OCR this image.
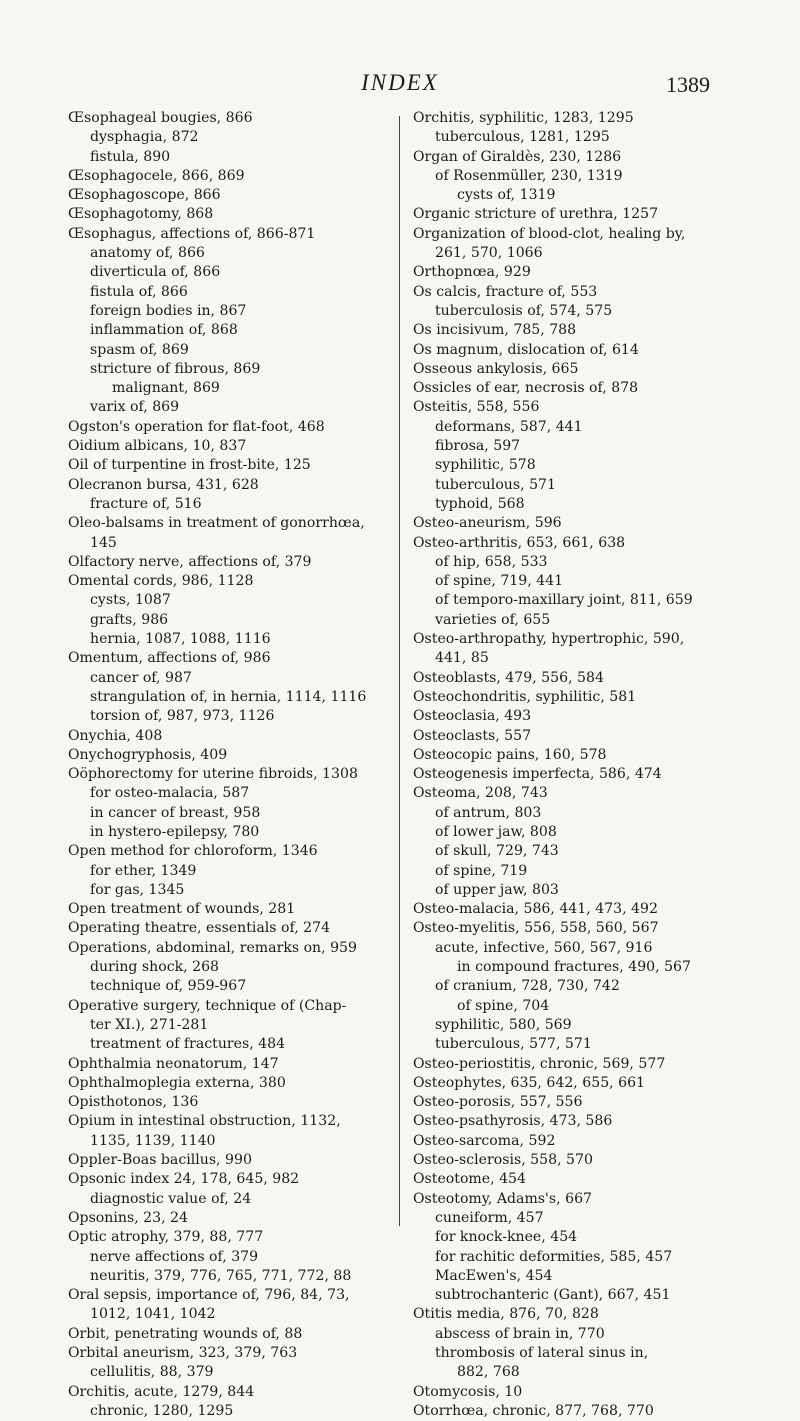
INDEX	1389
Œsophageal bougies, 866
dysphagia, 872
fistula, 890
Œsophagocele, 866, 869
Œsophagoscope, 866
Œsophagotomy, 868
Œsophagus, affections of, 866-871
anatomy of, 866
diverticula of, 866
fistula of, 866
foreign bodies in, 867
inflammation of, 868
spasm of, 869
stricture of fibrous, 869
malignant, 869
varix of, 869
Ogston's operation for flat-foot, 468
Oidium albicans, 10, 837
Oil of turpentine in frost-bite, 125
Olecranon bursa, 431, 628
fracture of, 516
Oleo-balsams in treatment of gonorrhœa,
145
Olfactory nerve, affections of, 379
Omental cords, 986, 1128
cysts, 1087
grafts, 986
hernia, 1087, 1088, 1116
Omentum, affections of, 986
cancer of, 987
strangulation of, in hernia, 1114, 1116
torsion of, 987, 973, 1126
Onychia, 408
Onychogryphosis, 409
Oöphorectomy for uterine fibroids, 1308
for osteo-malacia, 587
in cancer of breast, 958
in hystero-epilepsy, 780
Open method for chloroform, 1346
for ether, 1349
for gas, 1345
Open treatment of wounds, 281
Operating theatre, essentials of, 274
Operations, abdominal, remarks on, 959
during shock, 268
technique of, 959-967
Operative surgery, technique of (Chap-
ter XI.), 271-281
treatment of fractures, 484
Ophthalmia neonatorum, 147
Ophthalmoplegia externa, 380
Opisthotonos, 136
Opium in intestinal obstruction, 1132,
1135, 1139, 1140
Oppler-Boas bacillus, 990
Opsonic index 24, 178, 645, 982
diagnostic value of, 24
Opsonins, 23, 24
Optic atrophy, 379, 88, 777
nerve affections of, 379
neuritis, 379, 776, 765, 771, 772, 88
Oral sepsis, importance of, 796, 84, 73,
1012, 1041, 1042
Orbit, penetrating wounds of, 88
Orbital aneurism, 323, 379, 763
cellulitis, 88, 379
Orchitis, acute, 1279, 844
chronic, 1280, 1295
Orchitis, syphilitic, 1283, 1295
tuberculous, 1281, 1295
Organ of Giraldès, 230, 1286
of Rosenmüller, 230, 1319
cysts of, 1319
Organic stricture of urethra, 1257
Organization of blood-clot, healing by,
261, 570, 1066
Orthopnœa, 929
Os calcis, fracture of, 553
tuberculosis of, 574, 575
Os incisivum, 785, 788
Os magnum, dislocation of, 614
Osseous ankylosis, 665
Ossicles of ear, necrosis of, 878
Osteitis, 558, 556
deformans, 587, 441
fibrosa, 597
syphilitic, 578
tuberculous, 571
typhoid, 568
Osteo-aneurism, 596
Osteo-arthritis, 653, 661, 638
of hip, 658, 533
of spine, 719, 441
of temporo-maxillary joint, 811, 659
varieties of, 655
Osteo-arthropathy, hypertrophic, 590,
441, 85
Osteoblasts, 479, 556, 584
Osteochondritis, syphilitic, 581
Osteoclasia, 493
Osteoclasts, 557
Osteocopic pains, 160, 578
Osteogenesis imperfecta, 586, 474
Osteoma, 208, 743
of antrum, 803
of lower jaw, 808
of skull, 729, 743
of spine, 719
of upper jaw, 803
Osteo-malacia, 586, 441, 473, 492
Osteo-myelitis, 556, 558, 560, 567
acute, infective, 560, 567, 916
in compound fractures, 490, 567
of cranium, 728, 730, 742
of spine, 704
syphilitic, 580, 569
tuberculous, 577, 571
Osteo-periostitis, chronic, 569, 577
Osteophytes, 635, 642, 655, 661
Osteo-porosis, 557, 556
Osteo-psathyrosis, 473, 586
Osteo-sarcoma, 592
Osteo-sclerosis, 558, 570
Osteotome, 454
Osteotomy, Adams's, 667
cuneiform, 457
for knock-knee, 454
for rachitic deformities, 585, 457
MacEwen's, 454
subtrochanteric (Gant), 667, 451
Otitis media, 876, 70, 828
abscess of brain in, 770
thrombosis of lateral sinus in,
882, 768
Otomycosis, 10
Otorrhœa, chronic, 877, 768, 770
